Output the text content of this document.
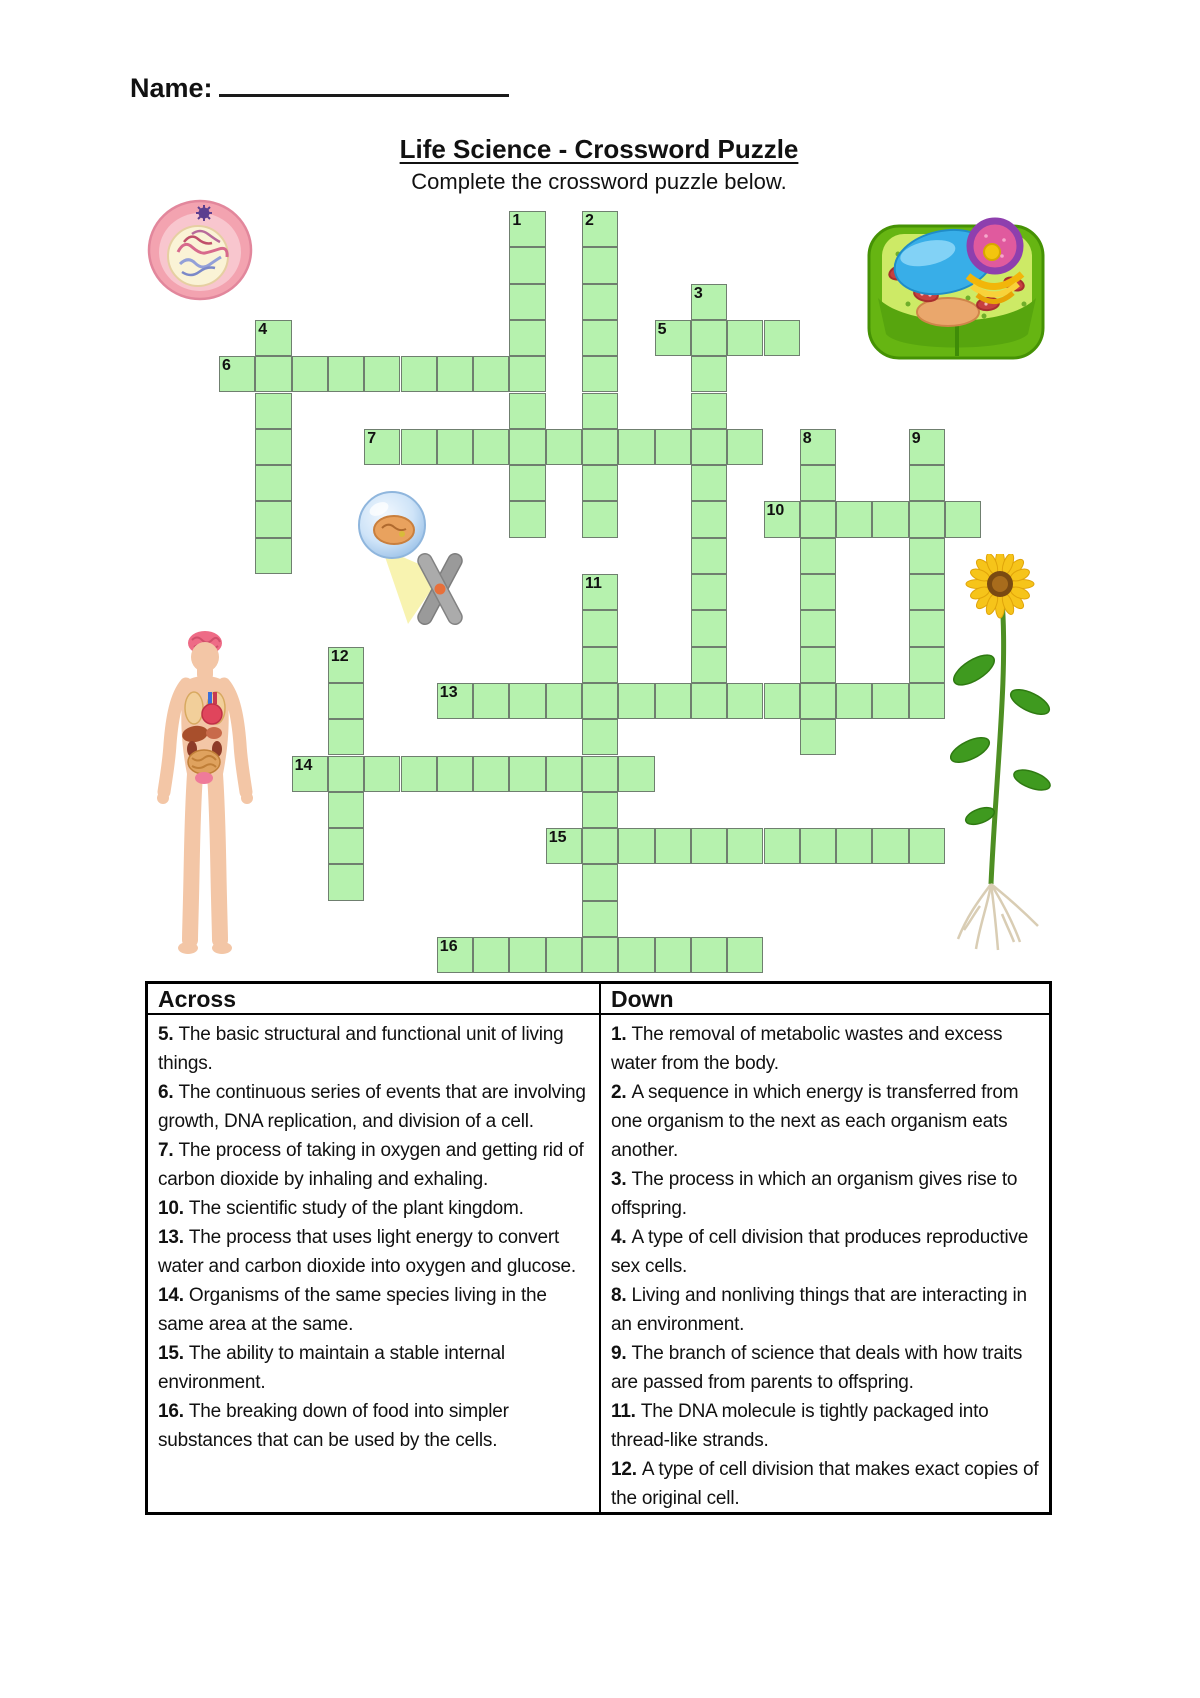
Name:
Life Science - Crossword Puzzle
Complete the crossword puzzle below.
1	2
3
4	5
6
7	8	9
10
11
12
13
14
15
16
Across
5. The basic structural and functional unit of living things.
6. The continuous series of events that are involving growth, DNA replication, and division of a cell.
7. The process of taking in oxygen and getting rid of carbon dioxide by inhaling and exhaling.
10. The scientific study of the plant kingdom.
13. The process that uses light energy to convert water and carbon dioxide into oxygen and glucose.
14. Organisms of the same species living in the same area at the same.
15. The ability to maintain a stable internal environment.
16. The breaking down of food into simpler substances that can be used by the cells.
Down
1. The removal of metabolic wastes and excess water from the body.
2. A sequence in which energy is transferred from one organism to the next as each organism eats another.
3. The process in which an organism gives rise to offspring.
4. A type of cell division that produces reproductive sex cells.
8. Living and nonliving things that are interacting in an environment.
9. The branch of science that deals with how traits are passed from parents to offspring.
11. The DNA molecule is tightly packaged into thread-like strands.
12. A type of cell division that makes exact copies of the original cell.
